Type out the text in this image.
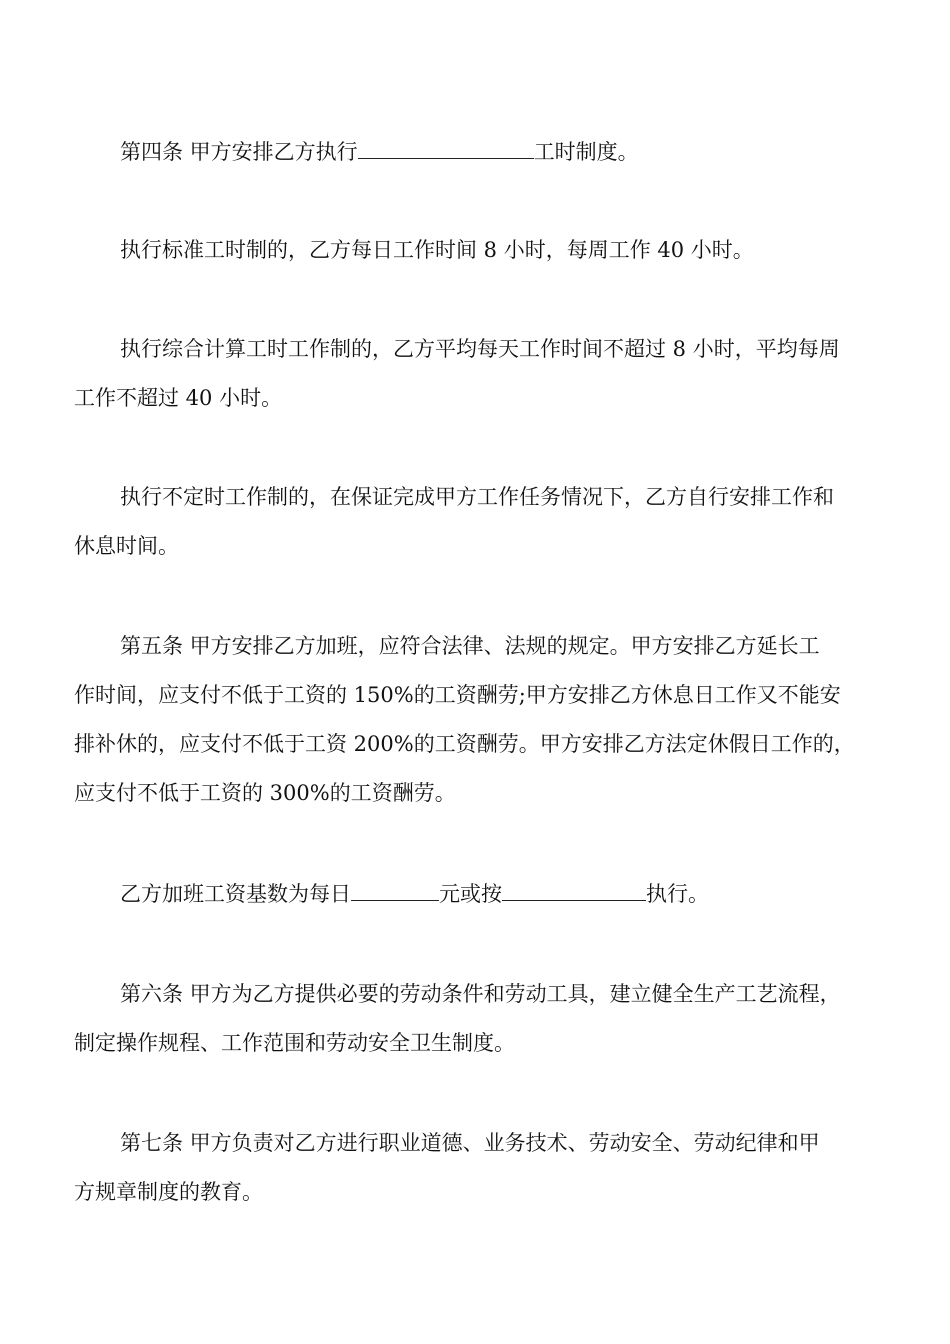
第四条 甲方安排乙方执行	工时制度。

执行标准工时制的，乙方每日工作时间 8 小时，每周工作 40 小时。

执行综合计算工时工作制的，乙方平均每天工作时间不超过 8 小时，平均每周
工作不超过 40 小时。
执行不定时工作制的，在保证完成甲方工作任务情况下，乙方自行安排工作和
休息时间。
第五条 甲方安排乙方加班，应符合法律、法规的规定。甲方安排乙方延长工
作时间，应支付不低于工资的 150%的工资酬劳;甲方安排乙方休息日工作又不能安
排补休的，应支付不低于工资 200%的工资酬劳。甲方安排乙方法定休假日工作的，
应支付不低于工资的 300%的工资酬劳。

乙方加班工资基数为每日	元或按	执行。

第六条 甲方为乙方提供必要的劳动条件和劳动工具，建立健全生产工艺流程，
制定操作规程、工作范围和劳动安全卫生制度。
第七条 甲方负责对乙方进行职业道德、业务技术、劳动安全、劳动纪律和甲
方规章制度的教育。
